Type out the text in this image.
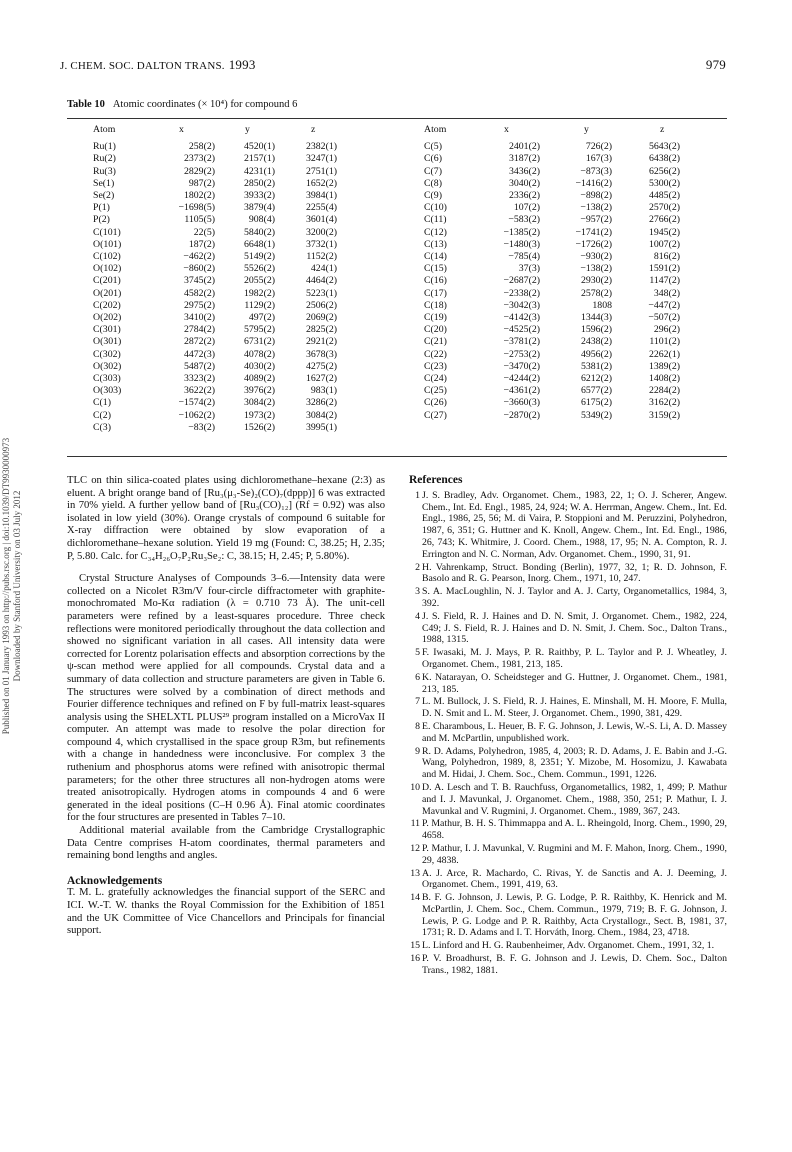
J. CHEM. SOC. DALTON TRANS. 1993	979
Published on 01 January 1993 on http://pubs.rsc.org | doi:10.1039/DT9930000973 Downloaded by Stanford University on 03 July 2012
Table 10 Atomic coordinates (× 10⁴) for compound 6
Atom	x	y	z
Ru(1)	258(2)	4520(1)	2382(1)
Ru(2)	2373(2)	2157(1)	3247(1)
Ru(3)	2829(2)	4231(1)	2751(1)
Se(1)	987(2)	2850(2)	1652(2)
Se(2)	1802(2)	3933(2)	3984(1)
P(1)	−1698(5)	3879(4)	2255(4)
P(2)	1105(5)	908(4)	3601(4)
C(101)	22(5)	5840(2)	3200(2)
O(101)	187(2)	6648(1)	3732(1)
C(102)	−462(2)	5149(2)	1152(2)
O(102)	−860(2)	5526(2)	424(1)
C(201)	3745(2)	2055(2)	4464(2)
O(201)	4582(2)	1982(2)	5223(1)
C(202)	2975(2)	1129(2)	2506(2)
O(202)	3410(2)	497(2)	2069(2)
C(301)	2784(2)	5795(2)	2825(2)
O(301)	2872(2)	6731(2)	2921(2)
C(302)	4472(3)	4078(2)	3678(3)
O(302)	5487(2)	4030(2)	4275(2)
C(303)	3323(2)	4089(2)	1627(2)
O(303)	3622(2)	3976(2)	983(1)
C(1)	−1574(2)	3084(2)	3286(2)
C(2)	−1062(2)	1973(2)	3084(2)
C(3)	−83(2)	1526(2)	3995(1)
Atom	x	y	z
C(5)	2401(2)	726(2)	5643(2)
C(6)	3187(2)	167(3)	6438(2)
C(7)	3436(2)	−873(3)	6256(2)
C(8)	3040(2)	−1416(2)	5300(2)
C(9)	2336(2)	−898(2)	4485(2)
C(10)	107(2)	−138(2)	2570(2)
C(11)	−583(2)	−957(2)	2766(2)
C(12)	−1385(2)	−1741(2)	1945(2)
C(13)	−1480(3)	−1726(2)	1007(2)
C(14)	−785(4)	−930(2)	816(2)
C(15)	37(3)	−138(2)	1591(2)
C(16)	−2687(2)	2930(2)	1147(2)
C(17)	−2338(2)	2578(2)	348(2)
C(18)	−3042(3)	1808	−447(2)
C(19)	−4142(3)	1344(3)	−507(2)
C(20)	−4525(2)	1596(2)	296(2)
C(21)	−3781(2)	2438(2)	1101(2)
C(22)	−2753(2)	4956(2)	2262(1)
C(23)	−3470(2)	5381(2)	1389(2)
C(24)	−4244(2)	6212(2)	1408(2)
C(25)	−4361(2)	6577(2)	2284(2)
C(26)	−3660(3)	6175(2)	3162(2)
C(27)	−2870(2)	5349(2)	3159(2)

TLC on thin silica-coated plates using dichloromethane–hexane (2:3) as eluent. A bright orange band of [Ru₃(μ₃-Se)₂(CO)₇(dppp)] 6 was extracted in 70% yield. A further yellow band of [Ru₃(CO)₁₂] (Rf = 0.92) was also isolated in low yield (30%). Orange crystals of compound 6 suitable for X-ray diffraction were obtained by slow evaporation of a dichloromethane–hexane solution. Yield 19 mg (Found: C, 38.25; H, 2.35; P, 5.80. Calc. for C₃₄H₂₆O₇P₂Ru₃Se₂: C, 38.15; H, 2.45; P, 5.80%).

Crystal Structure Analyses of Compounds 3–6.—Intensity data were collected on a Nicolet R3m/V four-circle diffractometer with graphite-monochromated Mo-Kα radiation (λ = 0.710 73 Å). The unit-cell parameters were refined by a least-squares procedure. Three check reflections were monitored periodically throughout the data collection and showed no significant variation in all cases. All intensity data were corrected for Lorentz polarisation effects and absorption corrections by the ψ-scan method were applied for all compounds. Crystal data and a summary of data collection and structure parameters are given in Table 6. The structures were solved by a combination of direct methods and Fourier difference techniques and refined on F by full-matrix least-squares analysis using the SHELXTL PLUS²⁹ program installed on a MicroVax II computer. An attempt was made to resolve the polar direction for compound 4, which crystallised in the space group R3m, but refinements with a change in handedness were inconclusive. For complex 3 the ruthenium and phosphorus atoms were refined with anisotropic thermal parameters; for the other three structures all non-hydrogen atoms were treated anisotropically. Hydrogen atoms in compounds 4 and 6 were generated in the ideal positions (C–H 0.96 Å). Final atomic coordinates for the four structures are presented in Tables 7–10.

Additional material available from the Cambridge Crystallographic Data Centre comprises H-atom coordinates, thermal parameters and remaining bond lengths and angles.

Acknowledgements

T. M. L. gratefully acknowledges the financial support of the SERC and ICI. W.-T. W. thanks the Royal Commission for the Exhibition of 1851 and the UK Committee of Vice Chancellors and Principals for financial support.

References
1 J. S. Bradley, Adv. Organomet. Chem., 1983, 22, 1; O. J. Scherer, Angew. Chem., Int. Ed. Engl., 1985, 24, 924; W. A. Herrman, Angew. Chem., Int. Ed. Engl., 1986, 25, 56; M. di Vaira, P. Stoppioni and M. Peruzzini, Polyhedron, 1987, 6, 351; G. Huttner and K. Knoll, Angew. Chem., Int. Ed. Engl., 1986, 26, 743; K. Whitmire, J. Coord. Chem., 1988, 17, 95; N. A. Compton, R. J. Errington and N. C. Norman, Adv. Organomet. Chem., 1990, 31, 91.
2 H. Vahrenkamp, Struct. Bonding (Berlin), 1977, 32, 1; R. D. Johnson, F. Basolo and R. G. Pearson, Inorg. Chem., 1971, 10, 247.
3 S. A. MacLoughlin, N. J. Taylor and A. J. Carty, Organometallics, 1984, 3, 392.
4 J. S. Field, R. J. Haines and D. N. Smit, J. Organomet. Chem., 1982, 224, C49; J. S. Field, R. J. Haines and D. N. Smit, J. Chem. Soc., Dalton Trans., 1988, 1315.
5 F. Iwasaki, M. J. Mays, P. R. Raithby, P. L. Taylor and P. J. Wheatley, J. Organomet. Chem., 1981, 213, 185.
6 K. Natarayan, O. Scheidsteger and G. Huttner, J. Organomet. Chem., 1981, 213, 185.
7 L. M. Bullock, J. S. Field, R. J. Haines, E. Minshall, M. H. Moore, F. Mulla, D. N. Smit and L. M. Steer, J. Organomet. Chem., 1990, 381, 429.
8 E. Charambous, L. Heuer, B. F. G. Johnson, J. Lewis, W.-S. Li, A. D. Massey and M. McPartlin, unpublished work.
9 R. D. Adams, Polyhedron, 1985, 4, 2003; R. D. Adams, J. E. Babin and J.-G. Wang, Polyhedron, 1989, 8, 2351; Y. Mizobe, M. Hosomizu, J. Kawabata and M. Hidai, J. Chem. Soc., Chem. Commun., 1991, 1226.
10 D. A. Lesch and T. B. Rauchfuss, Organometallics, 1982, 1, 499; P. Mathur and I. J. Mavunkal, J. Organomet. Chem., 1988, 350, 251; P. Mathur, I. J. Mavunkal and V. Rugmini, J. Organomet. Chem., 1989, 367, 243.
11 P. Mathur, B. H. S. Thimmappa and A. L. Rheingold, Inorg. Chem., 1990, 29, 4658.
12 P. Mathur, I. J. Mavunkal, V. Rugmini and M. F. Mahon, Inorg. Chem., 1990, 29, 4838.
13 A. J. Arce, R. Machardo, C. Rivas, Y. de Sanctis and A. J. Deeming, J. Organomet. Chem., 1991, 419, 63.
14 B. F. G. Johnson, J. Lewis, P. G. Lodge, P. R. Raithby, K. Henrick and M. McPartlin, J. Chem. Soc., Chem. Commun., 1979, 719; B. F. G. Johnson, J. Lewis, P. G. Lodge and P. R. Raithby, Acta Crystallogr., Sect. B, 1981, 37, 1731; R. D. Adams and I. T. Horváth, Inorg. Chem., 1984, 23, 4718.
15 L. Linford and H. G. Raubenheimer, Adv. Organomet. Chem., 1991, 32, 1.
16 P. V. Broadhurst, B. F. G. Johnson and J. Lewis, D. Chem. Soc., Dalton Trans., 1982, 1881.
